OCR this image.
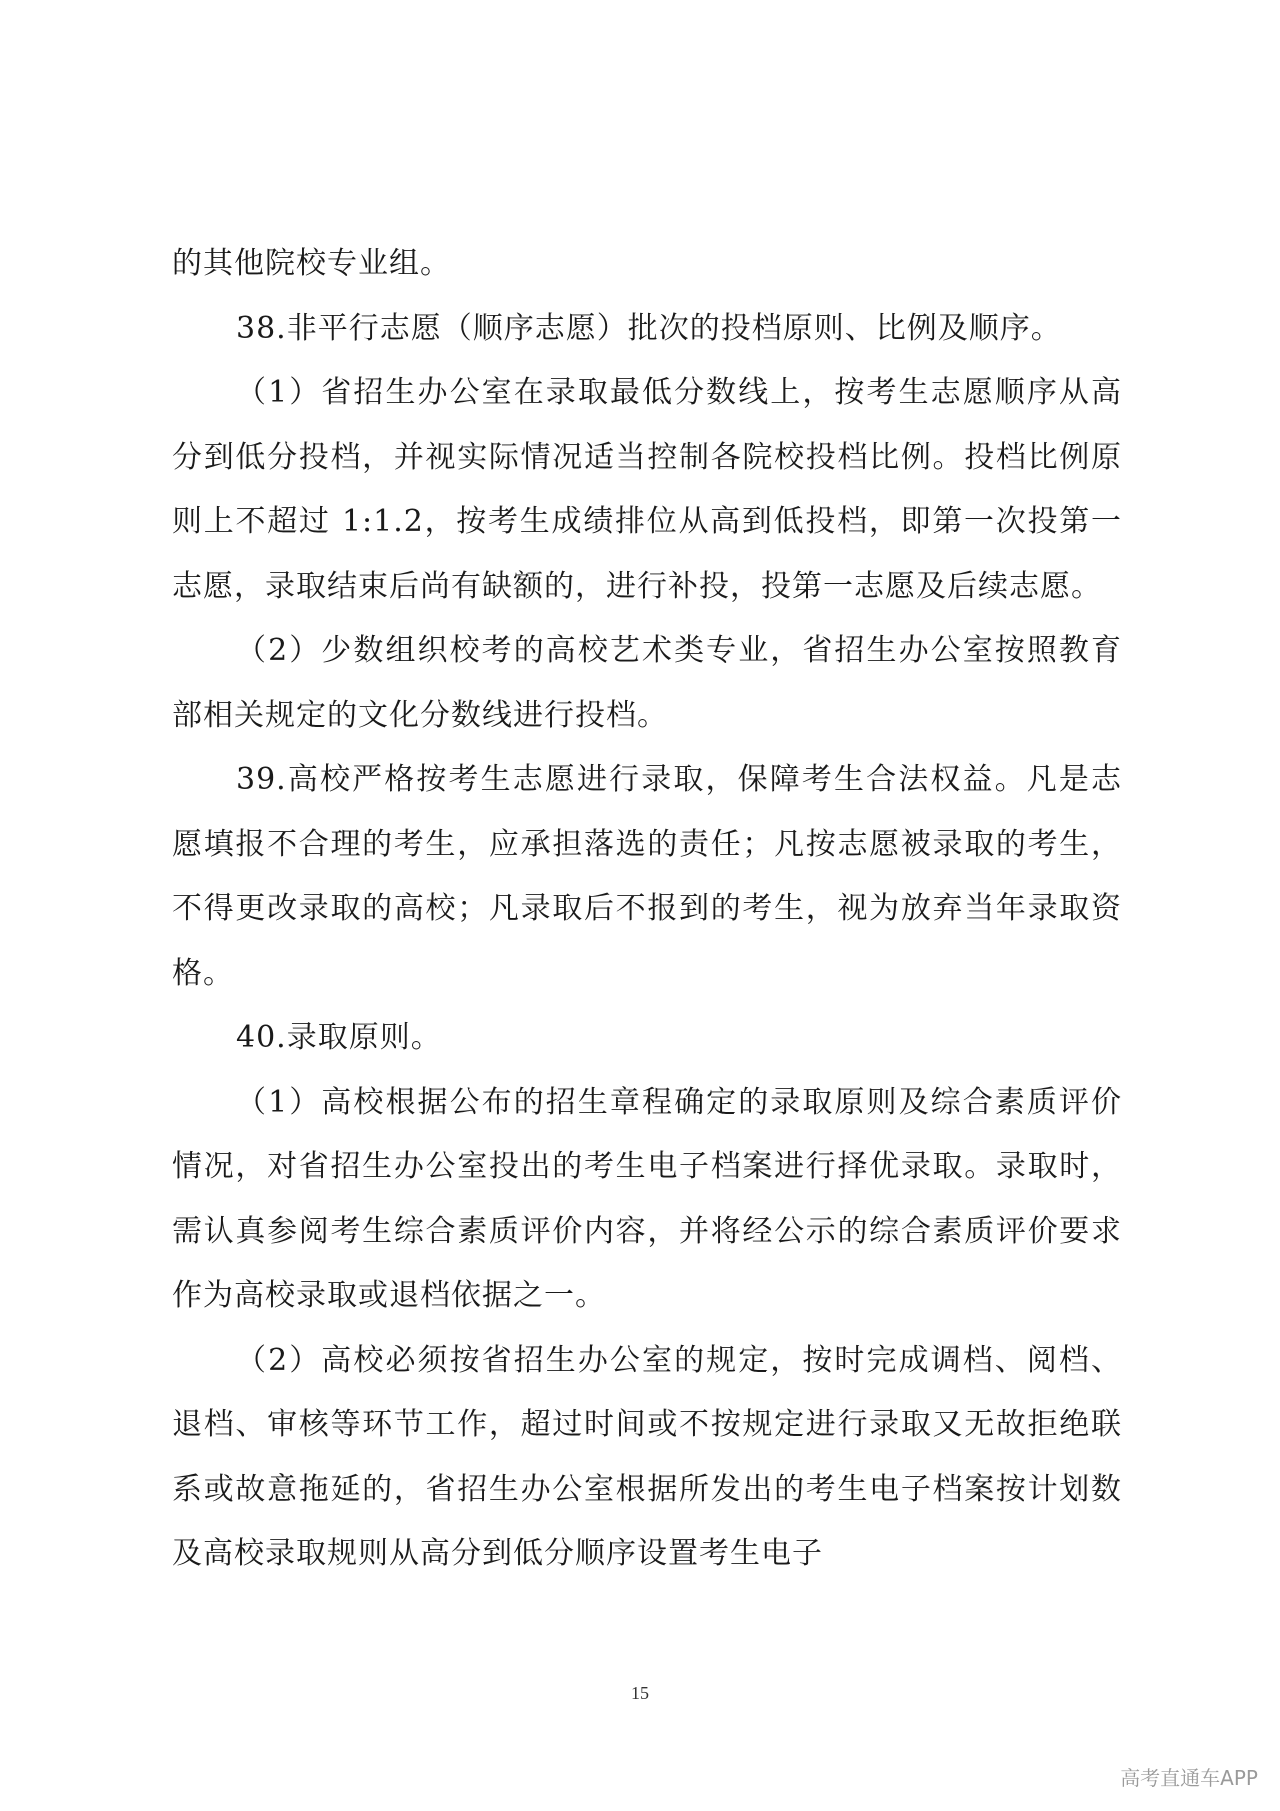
的其他院校专业组。

38.非平行志愿（顺序志愿）批次的投档原则、比例及顺序。

（1）省招生办公室在录取最低分数线上，按考生志愿顺序从高分到低分投档，并视实际情况适当控制各院校投档比例。投档比例原则上不超过 1:1.2，按考生成绩排位从高到低投档，即第一次投第一志愿，录取结束后尚有缺额的，进行补投，投第一志愿及后续志愿。

（2）少数组织校考的高校艺术类专业，省招生办公室按照教育部相关规定的文化分数线进行投档。

39.高校严格按考生志愿进行录取，保障考生合法权益。凡是志愿填报不合理的考生，应承担落选的责任；凡按志愿被录取的考生，不得更改录取的高校；凡录取后不报到的考生，视为放弃当年录取资格。

40.录取原则。

（1）高校根据公布的招生章程确定的录取原则及综合素质评价情况，对省招生办公室投出的考生电子档案进行择优录取。录取时，需认真参阅考生综合素质评价内容，并将经公示的综合素质评价要求作为高校录取或退档依据之一。

（2）高校必须按省招生办公室的规定，按时完成调档、阅档、退档、审核等环节工作，超过时间或不按规定进行录取又无故拒绝联系或故意拖延的，省招生办公室根据所发出的考生电子档案按计划数及高校录取规则从高分到低分顺序设置考生电子

15
高考直通车APP
